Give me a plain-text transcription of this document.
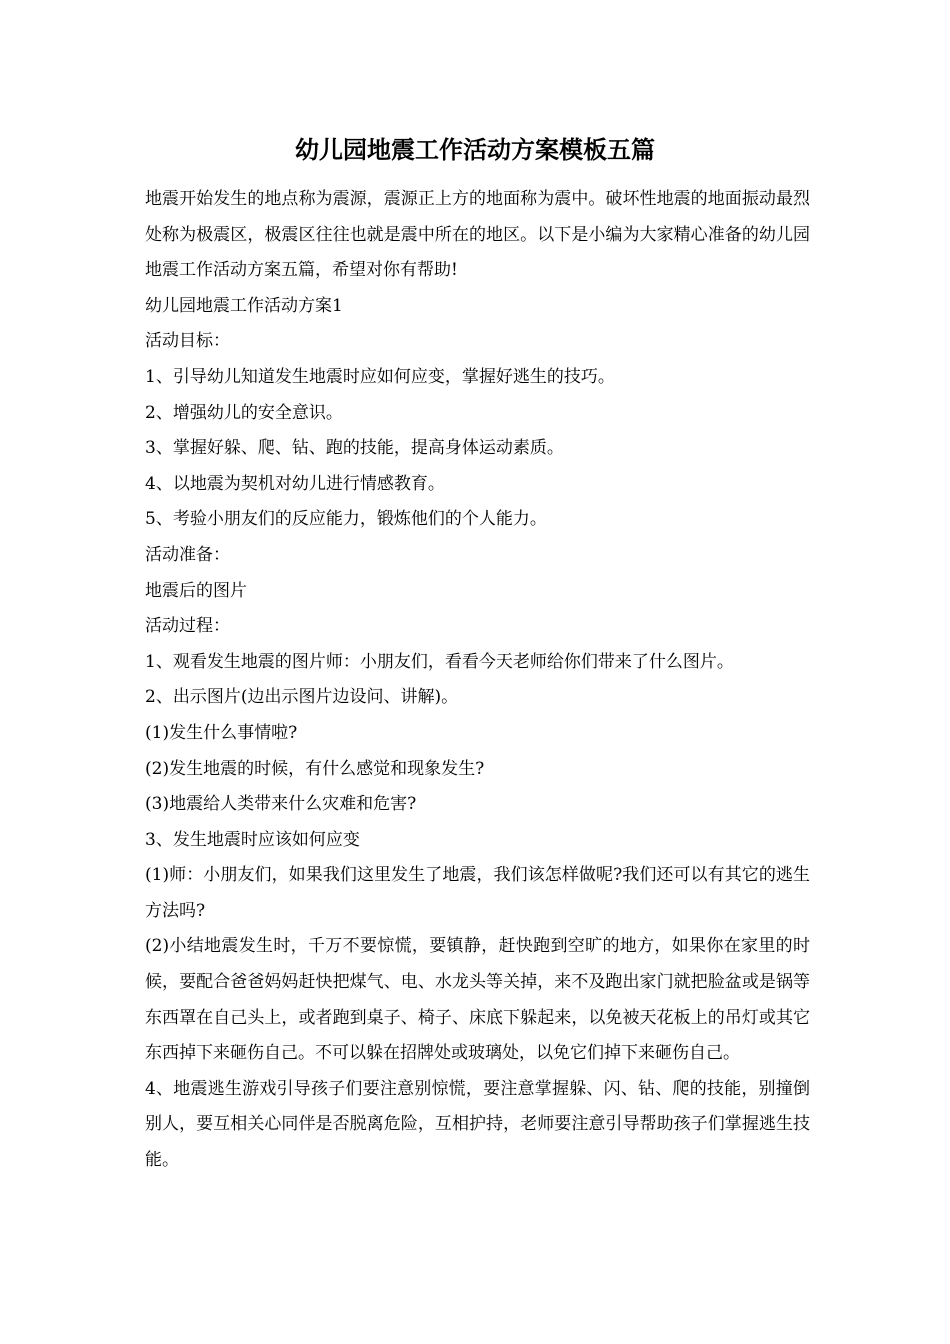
幼儿园地震工作活动方案模板五篇

地震开始发生的地点称为震源，震源正上方的地面称为震中。破坏性地震的地面振动最烈处称为极震区，极震区往往也就是震中所在的地区。以下是小编为大家精心准备的幼儿园地震工作活动方案五篇，希望对你有帮助!

幼儿园地震工作活动方案1

活动目标：

1、引导幼儿知道发生地震时应如何应变，掌握好逃生的技巧。

2、增强幼儿的安全意识。

3、掌握好躲、爬、钻、跑的技能，提高身体运动素质。

4、以地震为契机对幼儿进行情感教育。

5、考验小朋友们的反应能力，锻炼他们的个人能力。

活动准备：

地震后的图片

活动过程：

1、观看发生地震的图片师：小朋友们，看看今天老师给你们带来了什么图片。

2、出示图片(边出示图片边设问、讲解)。

(1)发生什么事情啦?

(2)发生地震的时候，有什么感觉和现象发生?

(3)地震给人类带来什么灾难和危害?

3、发生地震时应该如何应变

(1)师：小朋友们，如果我们这里发生了地震，我们该怎样做呢?我们还可以有其它的逃生方法吗?

(2)小结地震发生时，千万不要惊慌，要镇静，赶快跑到空旷的地方，如果你在家里的时候，要配合爸爸妈妈赶快把煤气、电、水龙头等关掉，来不及跑出家门就把脸盆或是锅等东西罩在自己头上，或者跑到桌子、椅子、床底下躲起来，以免被天花板上的吊灯或其它东西掉下来砸伤自己。不可以躲在招牌处或玻璃处，以免它们掉下来砸伤自己。

4、地震逃生游戏引导孩子们要注意别惊慌，要注意掌握躲、闪、钻、爬的技能，别撞倒别人，要互相关心同伴是否脱离危险，互相护持，老师要注意引导帮助孩子们掌握逃生技能。
